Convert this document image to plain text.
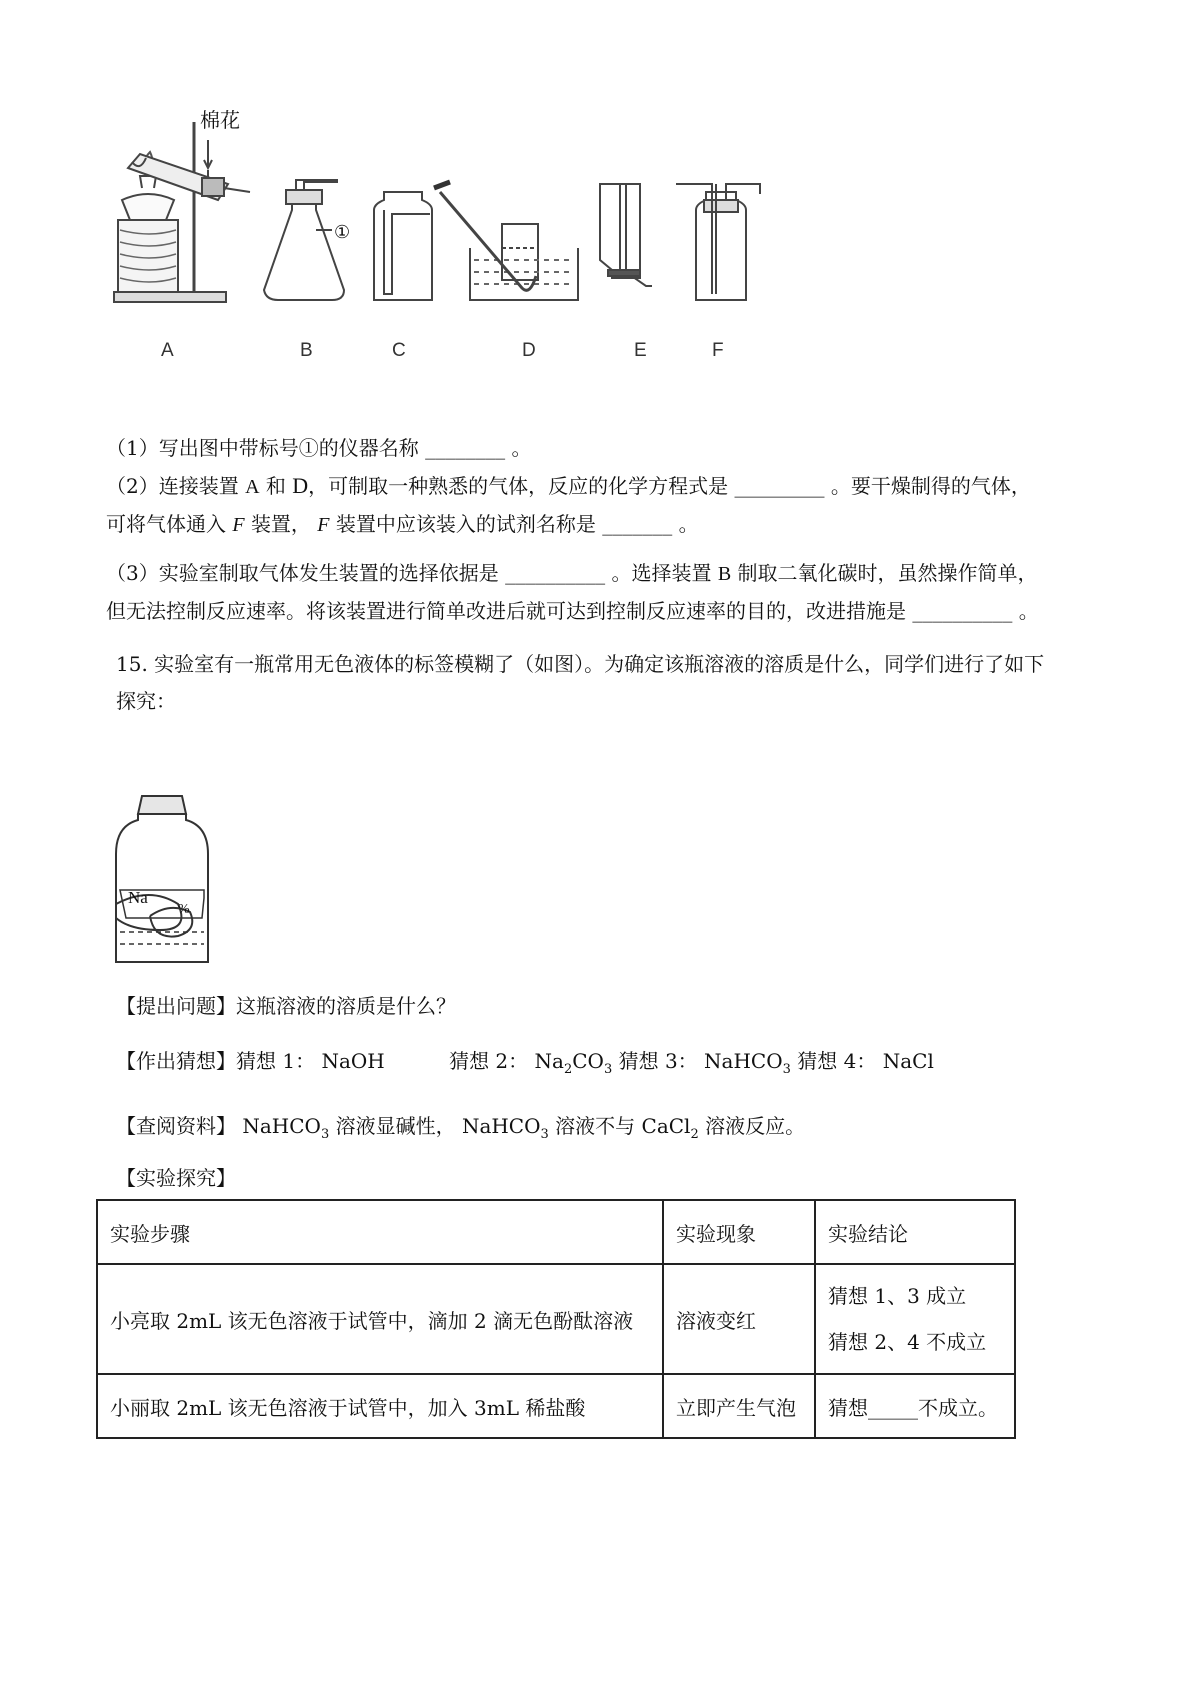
棉花
①
A	B	C	D	E	F
（1）写出图中带标号①的仪器名称 ________ 。
（2）连接装置 A 和 D，可制取一种熟悉的气体，反应的化学方程式是 _________ 。要干燥制得的气体，
可将气体通入 F 装置， F 装置中应该装入的试剂名称是 _______ 。
（3）实验室制取气体发生装置的选择依据是 __________ 。选择装置 B 制取二氧化碳时，虽然操作简单，
但无法控制反应速率。将该装置进行简单改进后就可达到控制反应速率的目的，改进措施是 __________ 。
15. 实验室有一瓶常用无色液体的标签模糊了（如图）。为确定该瓶溶液的溶质是什么，同学们进行了如下
探究：
Na
%
【提出问题】这瓶溶液的溶质是什么？
【作出猜想】猜想 1： NaOH	猜想 2： $Na_2CO_3$ 猜想 3： NaHCO$_3$ 猜想 4： NaCl
【查阅资料】 NaHCO$_3$ 溶液显碱性， NaHCO$_3$ 溶液不与 CaCl$_2$ 溶液反应。
【实验探究】
实验步骤	实验现象	实验结论
小亮取 2mL 该无色溶液于试管中，滴加 2 滴无色酚酞溶液	溶液变红	猜想 1、3 成立
猜想 2、4 不成立

小丽取 2mL 该无色溶液于试管中，加入 3mL 稀盐酸	立即产生气泡	猜想_____不成立。
